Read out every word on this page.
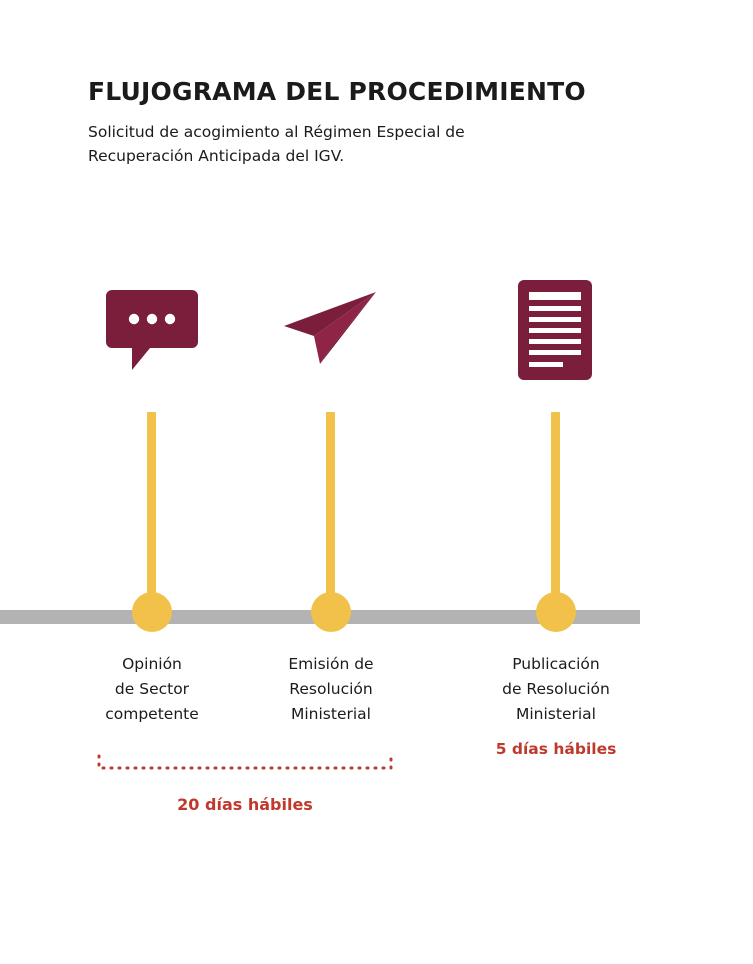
FLUJOGRAMA DEL PROCEDIMIENTO

Solicitud de acogimiento al Régimen Especial de Recuperación Anticipada del IGV.

Opinión
de Sector
competente
Emisión de
Resolución
Ministerial
Publicación
de Resolución
Ministerial
5 días hábiles
20 días hábiles
